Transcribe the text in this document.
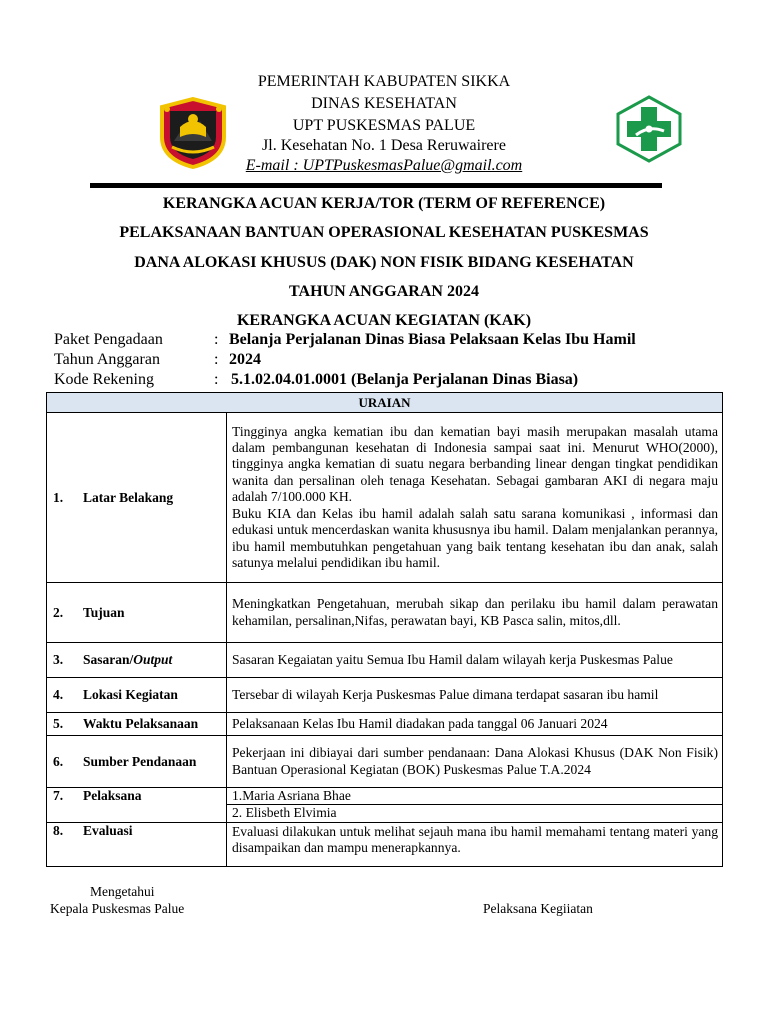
PEMERINTAH KABUPATEN SIKKA
DINAS KESEHATAN
UPT PUSKESMAS PALUE
Jl. Kesehatan No. 1 Desa Reruwairere
E-mail : UPTPuskesmasPalue@gmail.com
KERANGKA ACUAN KERJA/TOR (TERM OF REFERENCE)
PELAKSANAAN BANTUAN OPERASIONAL KESEHATAN PUSKESMAS
DANA ALOKASI KHUSUS (DAK) NON FISIK BIDANG KESEHATAN
TAHUN ANGGARAN 2024
KERANGKA ACUAN KEGIATAN (KAK)
Paket Pengadaan	: Belanja Perjalanan Dinas Biasa Pelaksaan Kelas Ibu Hamil
Tahun Anggaran	: 2024
Kode Rekening	: 5.1.02.04.01.0001 (Belanja Perjalanan Dinas Biasa)
URAIAN	
1. Latar Belakang	Tingginya angka kematian ibu dan kematian bayi masih merupakan masalah utama dalam pembangunan kesehatan di Indonesia sampai saat ini. Menurut WHO(2000), tingginya angka kematian di suatu negara berbanding linear dengan tingkat pendidikan wanita dan persalinan oleh tenaga Kesehatan. Sebagai gambaran AKI di negara maju adalah 7/100.000 KH.
Buku KIA dan Kelas ibu hamil adalah salah satu sarana komunikasi , informasi dan edukasi untuk mencerdaskan wanita khususnya ibu hamil. Dalam menjalankan perannya, ibu hamil membutuhkan pengetahuan yang baik tentang kesehatan ibu dan anak, salah satunya melalui pendidikan ibu hamil.

2. Tujuan	Meningkatkan Pengetahuan, merubah sikap dan perilaku ibu hamil dalam perawatan kehamilan, persalinan,Nifas, perawatan bayi, KB Pasca salin, mitos,dll.
3. Sasaran/Output	Sasaran Kegaiatan yaitu Semua Ibu Hamil dalam wilayah kerja Puskesmas Palue
4. Lokasi Kegiatan	Tersebar di wilayah Kerja Puskesmas Palue dimana terdapat sasaran ibu hamil
5. Waktu Pelaksanaan	Pelaksanaan Kelas Ibu Hamil diadakan pada tanggal 06 Januari 2024
6. Sumber Pendanaan	Pekerjaan ini dibiayai dari sumber pendanaan: Dana Alokasi Khusus (DAK Non Fisik) Bantuan Operasional Kegiatan (BOK) Puskesmas Palue T.A.2024
7. Pelaksana	1.Maria Asriana Bhae
2. Elisbeth Elvimia

8. Evaluasi	Evaluasi dilakukan untuk melihat sejauh mana ibu hamil memahami tentang materi yang disampaikan dan mampu menerapkannya.
Mengetahui
Kepala Puskesmas Palue	Pelaksana Kegiiatan
